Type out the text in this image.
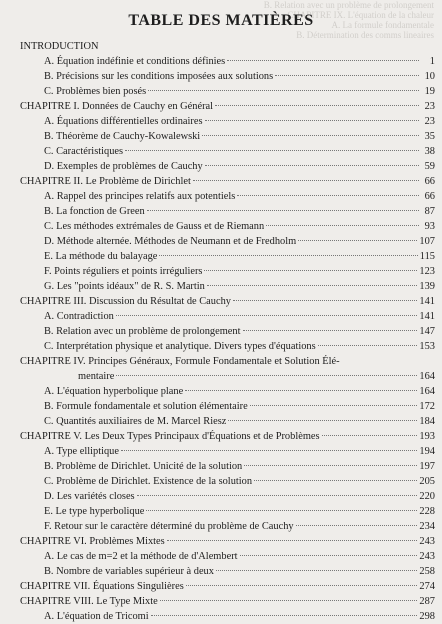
B. Relation avec un problème de prolongement
CHAPITRE IX. L'équation de la chaleur
A. La formule fondamentale
B. Détermination des comms lineaires
TABLE DES MATIÈRES
INTRODUCTION
A. Équation indéfinie et conditions définies	1
B. Précisions sur les conditions imposées aux solutions	10
C. Problèmes bien posés	19
CHAPITRE I. Données de Cauchy en Général	23
A. Équations différentielles ordinaires	23
B. Théorème de Cauchy-Kowalewski	35
C. Caractéristiques	38
D. Exemples de problèmes de Cauchy	59
CHAPITRE II. Le Problème de Dirichlet	66
A. Rappel des principes relatifs aux potentiels	66
B. La fonction de Green	87
C. Les méthodes extrémales de Gauss et de Riemann	93
D. Méthode alternée. Méthodes de Neumann et de Fredholm	107
E. La méthode du balayage	115
F. Points réguliers et points irréguliers	123
G. Les "points idéaux" de R. S. Martin	139
CHAPITRE III. Discussion du Résultat de Cauchy	141
A. Contradiction	141
B. Relation avec un problème de prolongement	147
C. Interprétation physique et analytique. Divers types d'équations	153
CHAPITRE IV. Principes Généraux, Formule Fondamentale et Solution Élé-
mentaire	164
A. L'équation hyperbolique plane	164
B. Formule fondamentale et solution élémentaire	172
C. Quantités auxiliaires de M. Marcel Riesz	184
CHAPITRE V. Les Deux Types Principaux d'Équations et de Problèmes	193
A. Type elliptique	194
B. Problème de Dirichlet. Unicité de la solution	197
C. Problème de Dirichlet. Existence de la solution	205
D. Les variétés closes	220
E. Le type hyperbolique	228
F. Retour sur le caractère déterminé du problème de Cauchy	234
CHAPITRE VI. Problèmes Mixtes	243
A. Le cas de m=2 et la méthode de d'Alembert	243
B. Nombre de variables supérieur à deux	258
CHAPITRE VII. Équations Singulières	274
CHAPITRE VIII. Le Type Mixte	287
A. L'équation de Tricomi	298
